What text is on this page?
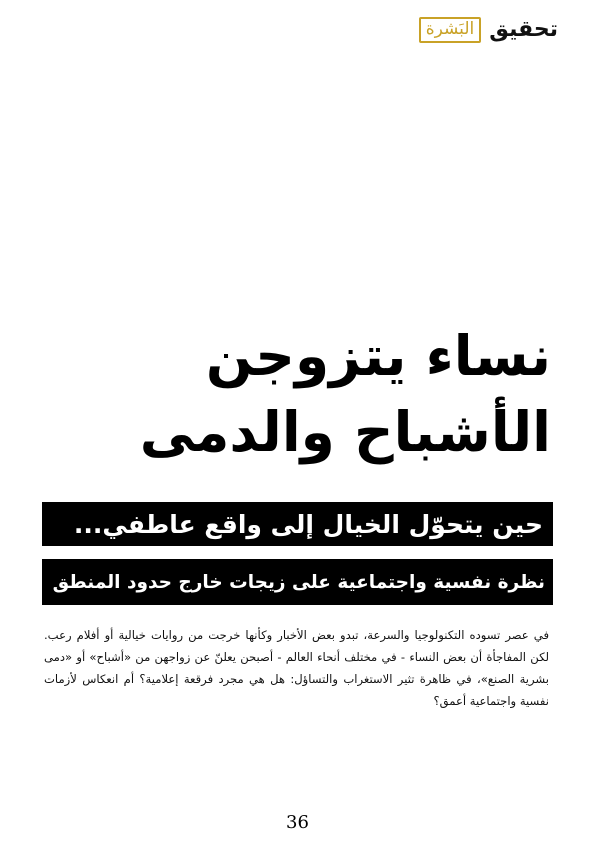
البَشرة تحقيق
نساء يتزوجن
الأشباح والدمى
حين يتحوّل الخيال إلى واقع عاطفي...
نظرة نفسية واجتماعية على زيجات خارج حدود المنطق
في عصر تسوده التكنولوجيا والسرعة، تبدو بعض الأخبار وكأنها خرجت من روايات خيالية أو أفلام رعب. لكن المفاجأة أن بعض النساء - في مختلف أنحاء العالم - أصبحن يعلنّ عن زواجهن من «أشباح» أو «دمى بشرية الصنع»، في ظاهرة تثير الاستغراب والتساؤل: هل هي مجرد فرقعة إعلامية؟ أم انعكاس لأزمات نفسية واجتماعية أعمق؟
36
